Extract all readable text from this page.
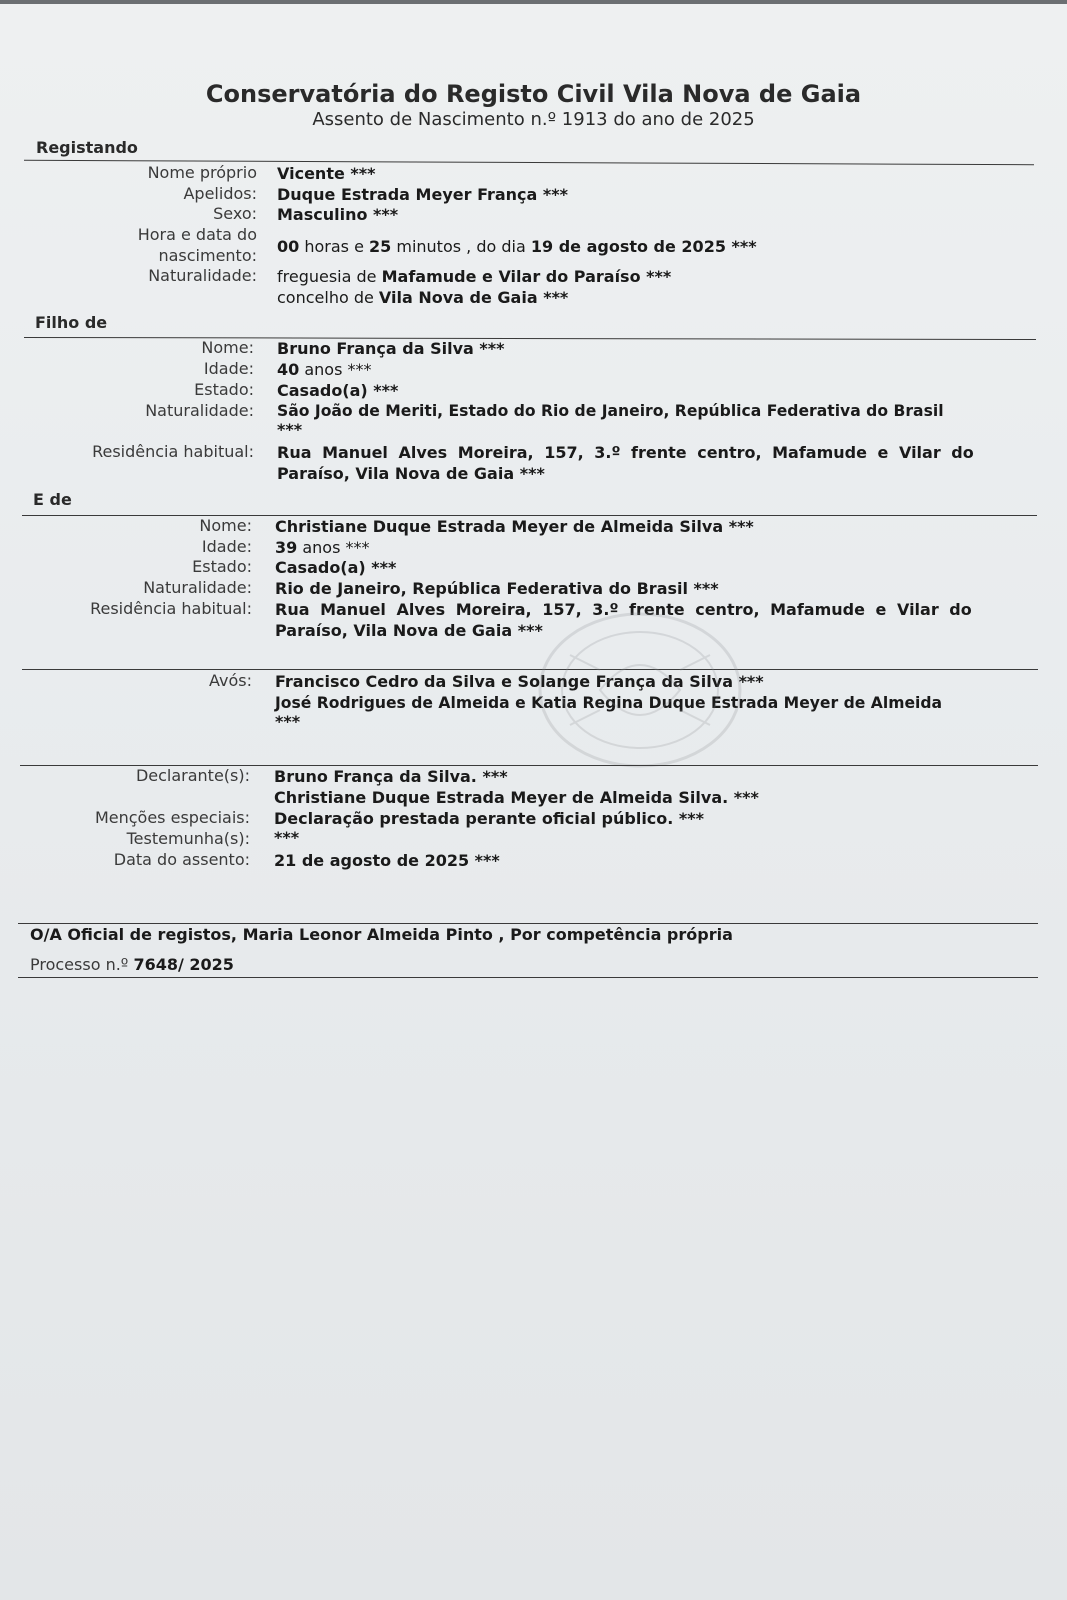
Conservatória do Registo Civil Vila Nova de Gaia
Assento de Nascimento n.º 1913 do ano de 2025
Registando
Nome próprio Vicente ***
Apelidos: Duque Estrada Meyer França ***
Sexo: Masculino ***
Hora e data do
nascimento: 00 horas e 25 minutos , do dia 19 de agosto de 2025 ***
Naturalidade: freguesia de Mafamude e Vilar do Paraíso ***
concelho de Vila Nova de Gaia ***
Filho de
Nome: Bruno França da Silva ***
Idade: 40 anos ***
Estado: Casado(a) ***
Naturalidade: São João de Meriti, Estado do Rio de Janeiro, República Federativa do Brasil
***
Residência habitual: Rua Manuel Alves Moreira, 157, 3.º frente centro, Mafamude e Vilar do
Paraíso, Vila Nova de Gaia ***
E de
Nome: Christiane Duque Estrada Meyer de Almeida Silva ***
Idade: 39 anos ***
Estado: Casado(a) ***
Naturalidade: Rio de Janeiro, República Federativa do Brasil ***
Residência habitual: Rua Manuel Alves Moreira, 157, 3.º frente centro, Mafamude e Vilar do
Paraíso, Vila Nova de Gaia ***
Avós: Francisco Cedro da Silva e Solange França da Silva ***
José Rodrigues de Almeida e Katia Regina Duque Estrada Meyer de Almeida
***
Declarante(s): Bruno França da Silva. ***
Christiane Duque Estrada Meyer de Almeida Silva. ***
Menções especiais: Declaração prestada perante oficial público. ***
Testemunha(s): ***
Data do assento: 21 de agosto de 2025 ***
O/A Oficial de registos, Maria Leonor Almeida Pinto , Por competência própria
Processo n.º 7648/ 2025
